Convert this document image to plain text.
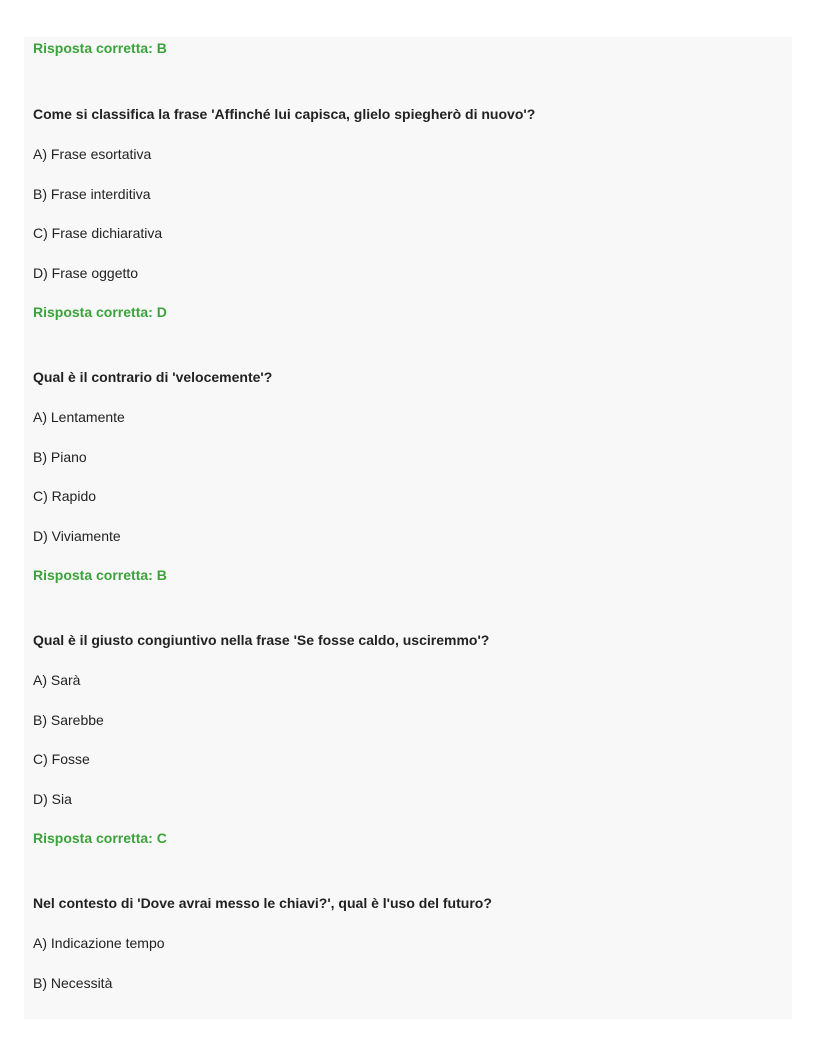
Risposta corretta: B
Come si classifica la frase 'Affinché lui capisca, glielo spiegherò di nuovo'?
A) Frase esortativa
B) Frase interditiva
C) Frase dichiarativa
D) Frase oggetto
Risposta corretta: D
Qual è il contrario di 'velocemente'?
A) Lentamente
B) Piano
C) Rapido
D) Viviamente
Risposta corretta: B
Qual è il giusto congiuntivo nella frase 'Se fosse caldo, usciremmo'?
A) Sarà
B) Sarebbe
C) Fosse
D) Sia
Risposta corretta: C
Nel contesto di 'Dove avrai messo le chiavi?', qual è l'uso del futuro?
A) Indicazione tempo
B) Necessità
